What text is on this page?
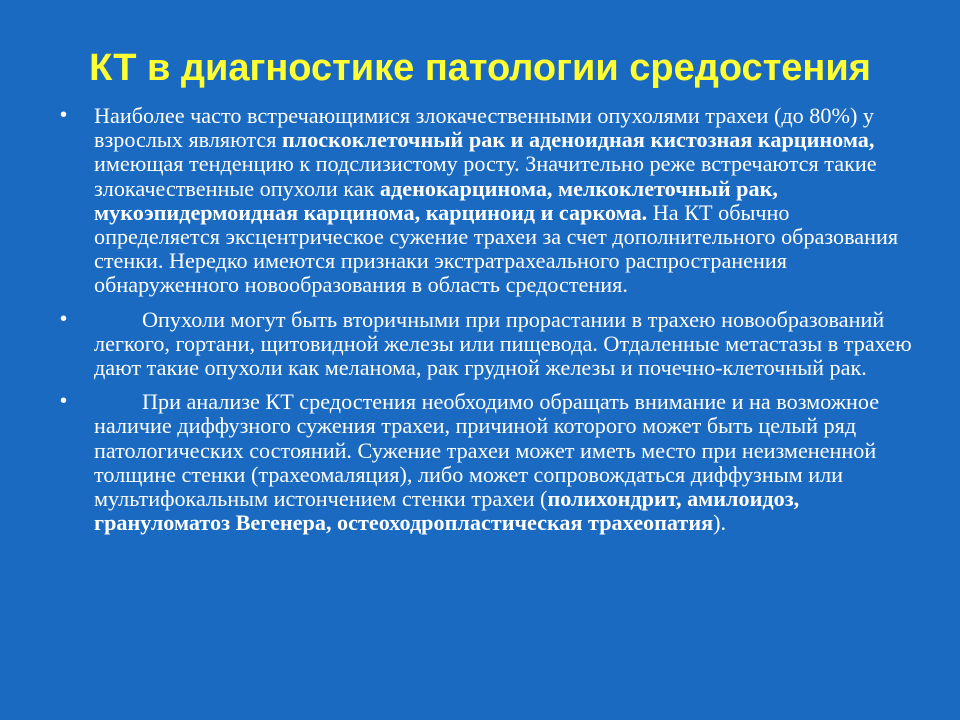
КТ в диагностике патологии средостения
• Наиболее часто встречающимися злокачественными опухолями трахеи (до 80%) у взрослых являются плоскоклеточный рак и аденоидная кистозная карцинома, имеющая тенденцию к подслизистому росту. Значительно реже встречаются такие злокачественные опухоли как аденокарцинома, мелкоклеточный рак, мукоэпидермоидная карцинома, карциноид и саркома. На КТ обычно определяется эксцентрическое сужение трахеи за счет дополнительного образования стенки. Нередко имеются признаки экстратрахеального распространения обнаруженного новообразования в область средостения.
•	Опухоли могут быть вторичными при прорастании в трахею новообразований легкого, гортани, щитовидной железы или пищевода. Отдаленные метастазы в трахею дают такие опухоли как меланома, рак грудной железы и почечно-клеточный рак.
•	При анализе КТ средостения необходимо обращать внимание и на возможное наличие диффузного сужения трахеи, причиной которого может быть целый ряд патологических состояний. Сужение трахеи может иметь место при неизмененной толщине стенки (трахеомаляция), либо может сопровождаться диффузным или мультифокальным истончением стенки трахеи (полихондрит, амилоидоз, грануломатоз Вегенера, остеоходропластическая трахеопатия).
